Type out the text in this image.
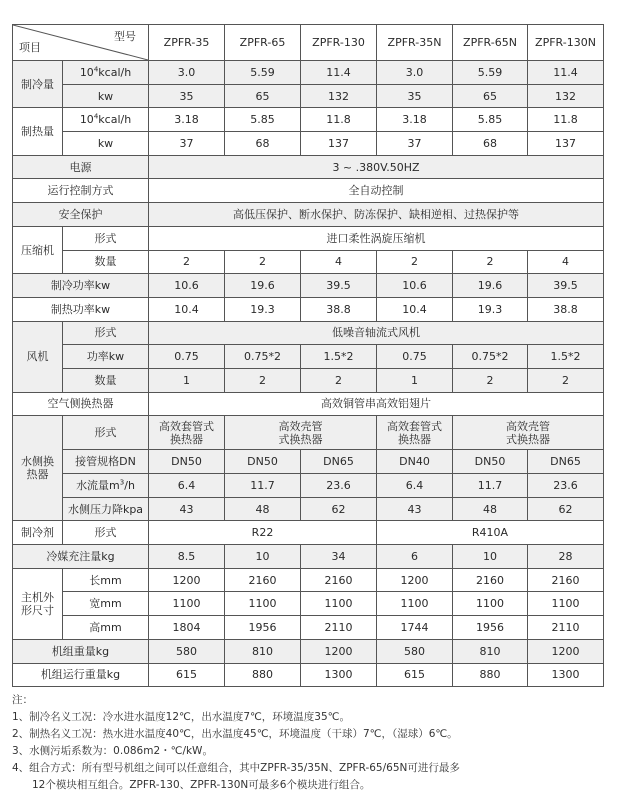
项目
型号		ZPFR-35	ZPFR-65	ZPFR-130	ZPFR-35N	ZPFR-65N	ZPFR-130N
制冷量	$10^4kcal/h$	3.0	5.59	11.4	3.0	5.59	11.4
	kw	35	65	132	35	65	132
制热量	$10^4kcal/h$	3.18	5.85	11.8	3.18	5.85	11.8
	kw	37	68	137	37	68	137
电源		3 ~ .380V.50HZ					
运行控制方式		全自动控制					
安全保护		高低压保护、断水保护、防冻保护、缺相逆相、过热保护等					
压缩机	形式	进口柔性涡旋压缩机					
	数量	2	2	4	2	2	4
制冷功率kw		10.6	19.6	39.5	10.6	19.6	39.5
制热功率kw		10.4	19.3	38.8	10.4	19.3	38.8
风机	形式	低噪音轴流式风机					
	功率kw	0.75	0.75*2	1.5*2	0.75	0.75*2	1.5*2
	数量	1	2	2	1	2	2
空气侧换热器		高效铜管串高效铝翅片					
水侧换热器	形式	高效套管式换热器	高效壳管式换热器		高效套管式换热器	高效壳管式换热器	
	接管规格DN	DN50	DN50	DN65	DN40	DN50	DN65
	水流量$m^3/h$	6.4	11.7	23.6	6.4	11.7	23.6
	水侧压力降kpa	43	48	62	43	48	62
制冷剂	形式	R22			R410A		
冷媒充注量kg		8.5	10	34	6	10	28
主机外形尺寸	长mm	1200	2160	2160	1200	2160	2160
	宽mm	1100	1100	1100	1100	1100	1100
	高mm	1804	1956	2110	1744	1956	2110
机组重量kg		580	810	1200	580	810	1200
机组运行重量kg		615	880	1300	615	880	1300
注：
1、制冷名义工况：冷水进水温度12℃，出水温度7℃，环境温度35℃。
2、制热名义工况：热水进水温度40℃，出水温度45℃，环境温度（干球）7℃，（湿球）6℃。
3、水侧污垢系数为：0.086m2・℃/kW。
4、组合方式：所有型号机组之间可以任意组合，其中ZPFR-35/35N、ZPFR-65/65N可进行最多
12个模块相互组合。ZPFR-130、ZPFR-130N可最多6个模块进行组合。
